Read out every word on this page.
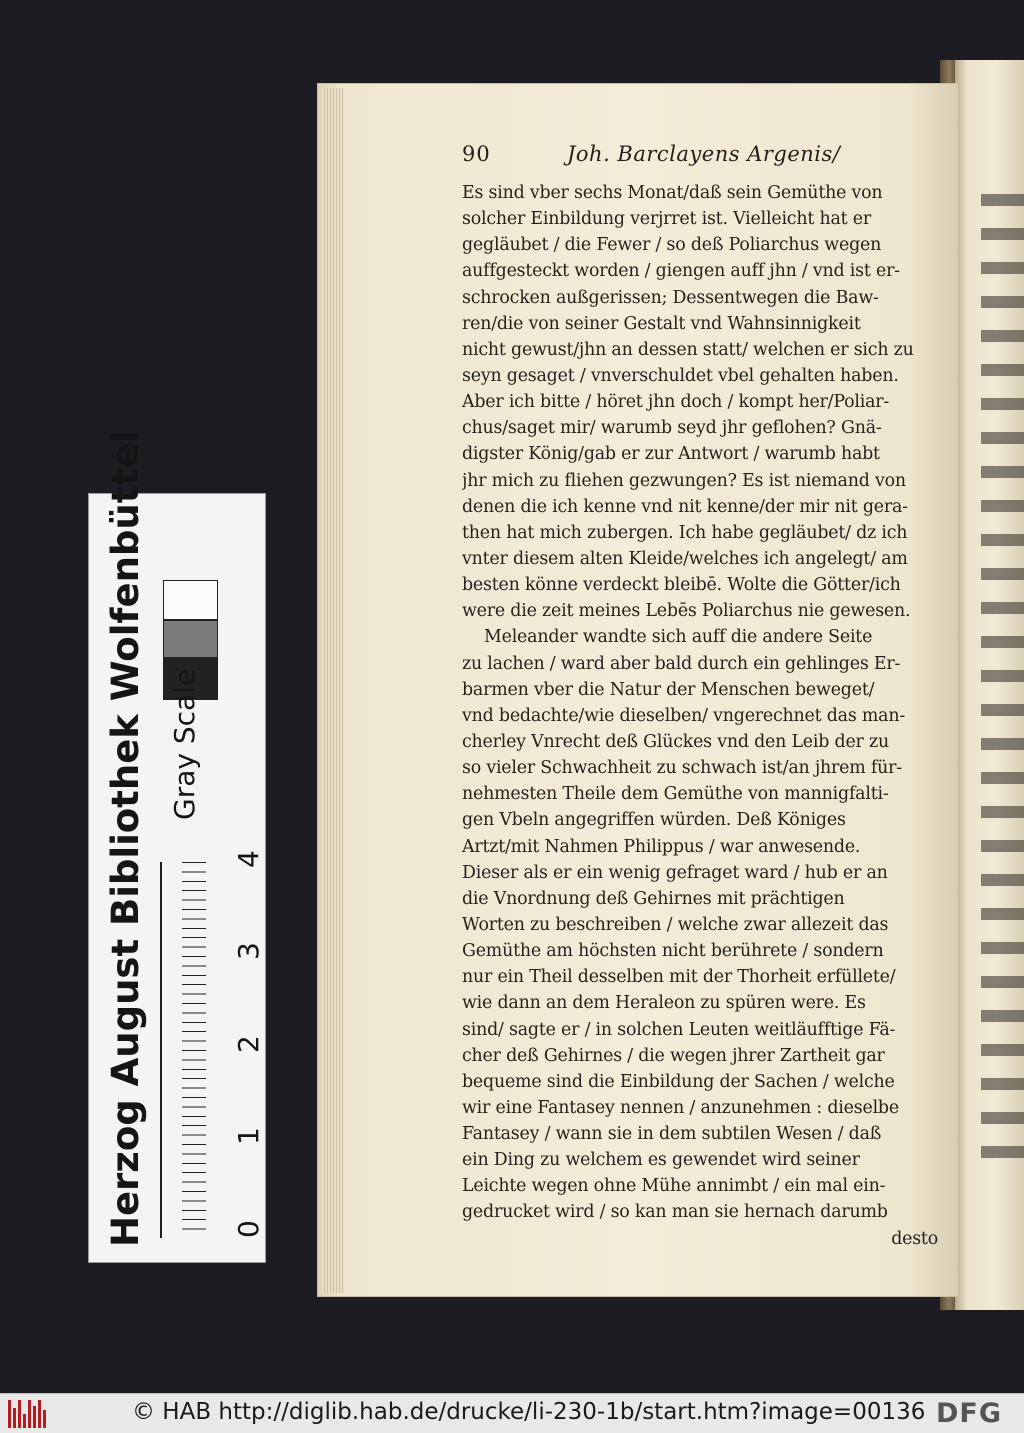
90	Joh. Barclayens Argenis/
Es sind vber sechs Monat/daß sein Gemüthe von
solcher Einbildung verjrret ist. Vielleicht hat er
gegläubet / die Fewer / so deß Poliarchus wegen
auffgesteckt worden / giengen auff jhn / vnd ist er-
schrocken außgerissen; Dessentwegen die Baw-
ren/die von seiner Gestalt vnd Wahnsinnigkeit
nicht gewust/jhn an dessen statt/ welchen er sich zu
seyn gesaget / vnverschuldet vbel gehalten haben.
Aber ich bitte / höret jhn doch / kompt her/Poliar-
chus/saget mir/ warumb seyd jhr geflohen? Gnä-
digster König/gab er zur Antwort / warumb habt
jhr mich zu fliehen gezwungen? Es ist niemand von
denen die ich kenne vnd nit kenne/der mir nit gera-
then hat mich zubergen. Ich habe gegläubet/ dz ich
vnter diesem alten Kleide/welches ich angelegt/ am
besten könne verdeckt bleibē. Wolte die Götter/ich
were die zeit meines Lebēs Poliarchus nie gewesen.
Meleander wandte sich auff die andere Seite
zu lachen / ward aber bald durch ein gehlinges Er-
barmen vber die Natur der Menschen beweget/
vnd bedachte/wie dieselben/ vngerechnet das man-
cherley Vnrecht deß Glückes vnd den Leib der zu
so vieler Schwachheit zu schwach ist/an jhrem für-
nehmesten Theile dem Gemüthe von mannigfalti-
gen Vbeln angegriffen würden. Deß Königes
Artzt/mit Nahmen Philippus / war anwesende.
Dieser als er ein wenig gefraget ward / hub er an
die Vnordnung deß Gehirnes mit prächtigen
Worten zu beschreiben / welche zwar allezeit das
Gemüthe am höchsten nicht berührete / sondern
nur ein Theil desselben mit der Thorheit erfüllete/
wie dann an dem Heraleon zu spüren were. Es
sind/ sagte er / in solchen Leuten weitläufftige Fä-
cher deß Gehirnes / die wegen jhrer Zartheit gar
bequeme sind die Einbildung der Sachen / welche
wir eine Fantasey nennen / anzunehmen : dieselbe
Fantasey / wann sie in dem subtilen Wesen / daß
ein Ding zu welchem es gewendet wird seiner
Leichte wegen ohne Mühe annimbt / ein mal ein-
gedrucket wird / so kan man sie hernach darumb
desto
Herzog August Bibliothek Wolfenbüttel Gray Scale
0
1
2
3
4
© HAB http://diglib.hab.de/drucke/li-230-1b/start.htm?image=00136 DFG
